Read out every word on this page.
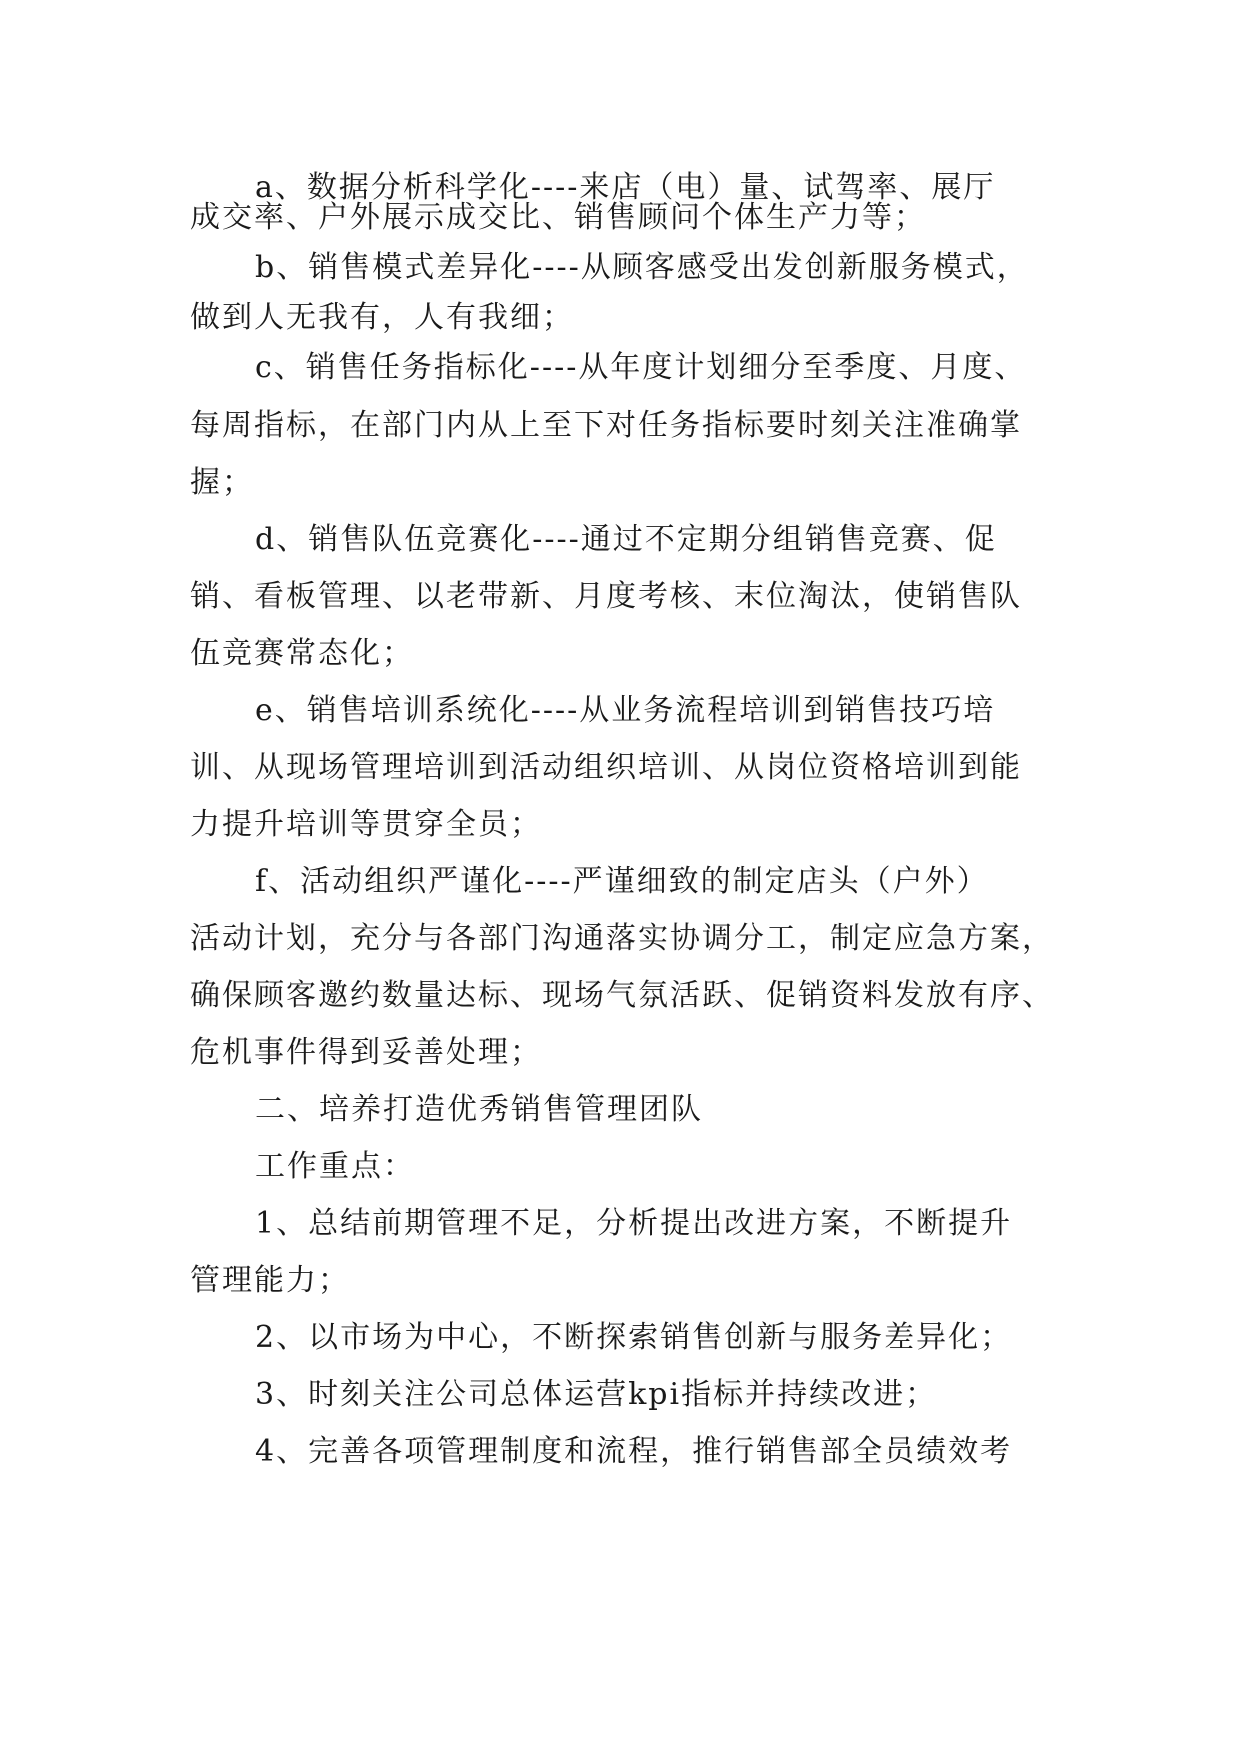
a、数据分析科学化----来店（电）量、试驾率、展厅
成交率、户外展示成交比、销售顾问个体生产力等；
b、销售模式差异化----从顾客感受出发创新服务模式，
做到人无我有，人有我细；
c、销售任务指标化----从年度计划细分至季度、月度、
每周指标，在部门内从上至下对任务指标要时刻关注准确掌
握；
d、销售队伍竞赛化----通过不定期分组销售竞赛、促
销、看板管理、以老带新、月度考核、末位淘汰，使销售队
伍竞赛常态化；
e、销售培训系统化----从业务流程培训到销售技巧培
训、从现场管理培训到活动组织培训、从岗位资格培训到能
力提升培训等贯穿全员；
f、活动组织严谨化----严谨细致的制定店头（户外）
活动计划，充分与各部门沟通落实协调分工，制定应急方案，
确保顾客邀约数量达标、现场气氛活跃、促销资料发放有序、
危机事件得到妥善处理；
二、培养打造优秀销售管理团队
工作重点：
1、总结前期管理不足，分析提出改进方案，不断提升
管理能力；
2、以市场为中心，不断探索销售创新与服务差异化；
3、时刻关注公司总体运营kpi指标并持续改进；
4、完善各项管理制度和流程，推行销售部全员绩效考
